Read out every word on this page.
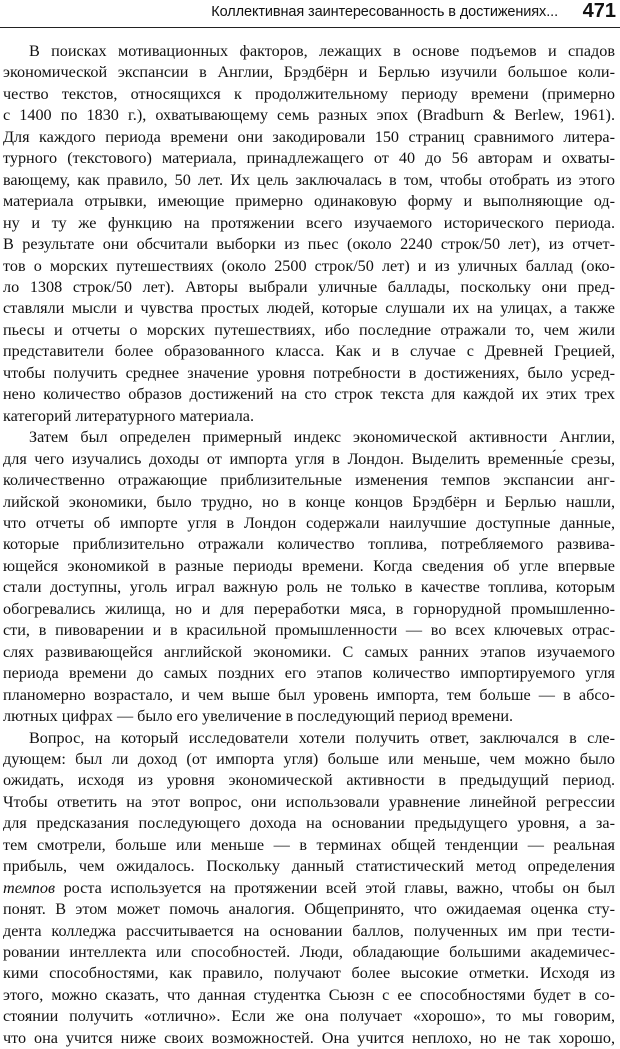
Коллективная заинтересованность в достижениях... 471
В поисках мотивационных факторов, лежащих в основе подъемов и спадов
экономической экспансии в Англии, Брэдбёрн и Берлью изучили большое коли-
чество текстов, относящихся к продолжительному периоду времени (примерно
с 1400 по 1830 г.), охватывающему семь разных эпох (Bradburn & Berlew, 1961).
Для каждого периода времени они закодировали 150 страниц сравнимого литера-
турного (текстового) материала, принадлежащего от 40 до 56 авторам и охваты-
вающему, как правило, 50 лет. Их цель заключалась в том, чтобы отобрать из этого
материала отрывки, имеющие примерно одинаковую форму и выполняющие од-
ну и ту же функцию на протяжении всего изучаемого исторического периода.
В результате они обсчитали выборки из пьес (около 2240 строк/50 лет), из отчет-
тов о морских путешествиях (около 2500 строк/50 лет) и из уличных баллад (око-
ло 1308 строк/50 лет). Авторы выбрали уличные баллады, поскольку они пред-
ставляли мысли и чувства простых людей, которые слушали их на улицах, а также
пьесы и отчеты о морских путешествиях, ибо последние отражали то, чем жили
представители более образованного класса. Как и в случае с Древней Грецией,
чтобы получить среднее значение уровня потребности в достижениях, было усред-
нено количество образов достижений на сто строк текста для каждой их этих трех
категорий литературного материала.
Затем был определен примерный индекс экономической активности Англии,
для чего изучались доходы от импорта угля в Лондон. Выделить временны́е срезы,
количественно отражающие приблизительные изменения темпов экспансии анг-
лийской экономики, было трудно, но в конце концов Брэдбёрн и Берлью нашли,
что отчеты об импорте угля в Лондон содержали наилучшие доступные данные,
которые приблизительно отражали количество топлива, потребляемого развива-
ющейся экономикой в разные периоды времени. Когда сведения об угле впервые
стали доступны, уголь играл важную роль не только в качестве топлива, которым
обогревались жилища, но и для переработки мяса, в горнорудной промышленно-
сти, в пивоварении и в красильной промышленности — во всех ключевых отрас-
слях развивающейся английской экономики. С самых ранних этапов изучаемого
периода времени до самых поздних его этапов количество импортируемого угля
планомерно возрастало, и чем выше был уровень импорта, тем больше — в абсо-
лютных цифрах — было его увеличение в последующий период времени.
Вопрос, на который исследователи хотели получить ответ, заключался в сле-
дующем: был ли доход (от импорта угля) больше или меньше, чем можно было
ожидать, исходя из уровня экономической активности в предыдущий период.
Чтобы ответить на этот вопрос, они использовали уравнение линейной регрессии
для предсказания последующего дохода на основании предыдущего уровня, а за-
тем смотрели, больше или меньше — в терминах общей тенденции — реальная
прибыль, чем ожидалось. Поскольку данный статистический метод определения
темпов роста используется на протяжении всей этой главы, важно, чтобы он был
понят. В этом может помочь аналогия. Общепринято, что ожидаемая оценка сту-
дента колледжа рассчитывается на основании баллов, полученных им при тести-
ровании интеллекта или способностей. Люди, обладающие большими академичес-
кими способностями, как правило, получают более высокие отметки. Исходя из
этого, можно сказать, что данная студентка Сьюзн с ее способностями будет в со-
стоянии получить «отлично». Если же она получает «хорошо», то мы говорим,
что она учится ниже своих возможностей. Она учится неплохо, но не так хорошо,
